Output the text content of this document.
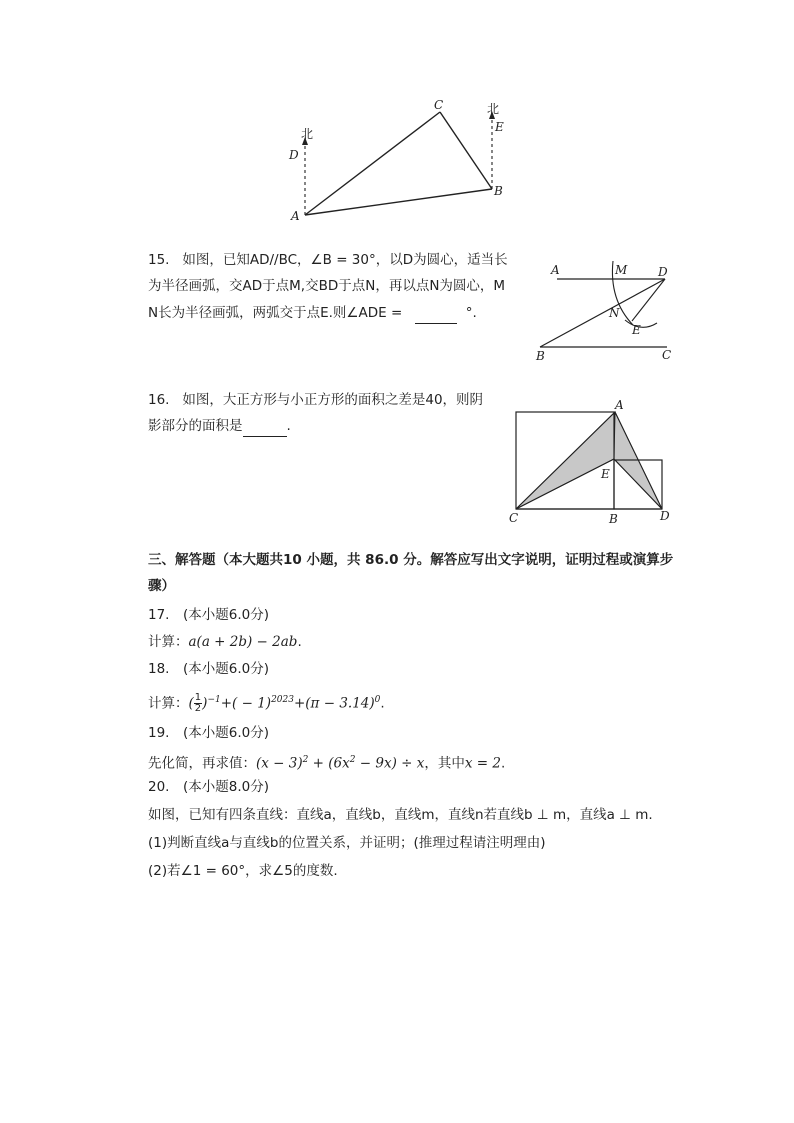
A
B
C
D
E
北
北
15. 如图，已知AD//BC，∠B = 30°，以D为圆心，适当长
为半径画弧，交AD于点M,交BD于点N，再以点N为圆心，M
N长为半径画弧，两弧交于点E.则∠ADE =	°.
A	M	D
N
E
B	C
16. 如图，大正方形与小正方形的面积之差是40，则阴
影部分的面积是	.
A
E
C	B	D
三、解答题（本大题共10 小题，共 86.0 分。解答应写出文字说明，证明过程或演算步
骤）
17.　(本小题6.0分)
计算：a(a + 2b) − 2ab.
18.　(本小题6.0分)
计算：( $\frac{1}{2} )^{-1}+( - 1)^{2023}+(\pi - 3.14)^0$.
19.　(本小题6.0分)
先化简，再求值：$(x - 3)^2 + (6x^2 - 9x) \div x$，其中x = 2.
20.　(本小题8.0分)
如图，已知有四条直线：直线a，直线b，直线m，直线n若直线b ⊥ m，直线a ⊥ m.
(1)判断直线a与直线b的位置关系，并证明；(推理过程请注明理由)
(2)若∠1 = 60°，求∠5的度数.
